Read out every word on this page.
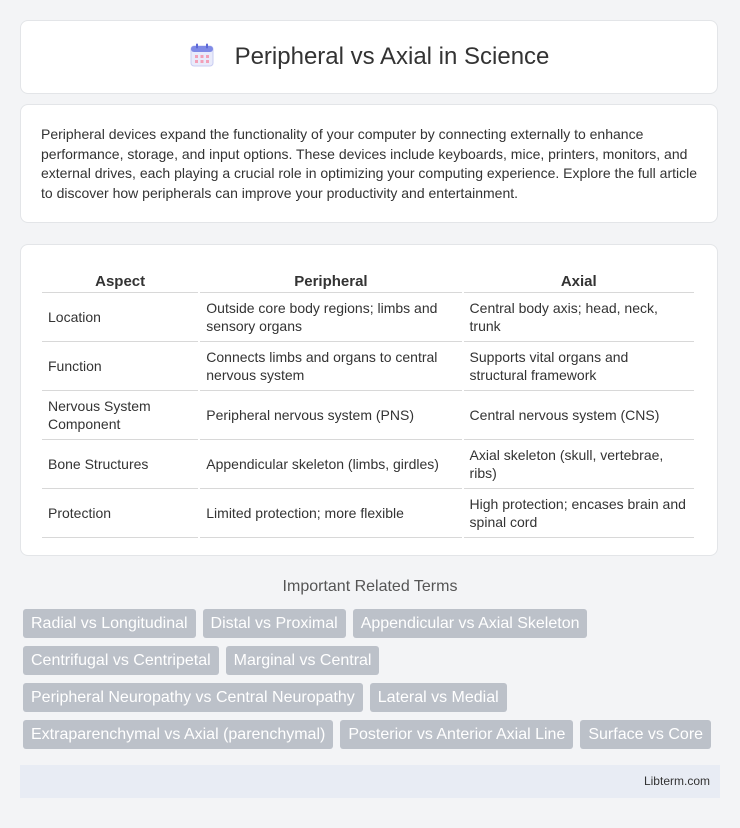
Peripheral vs Axial in Science

Peripheral devices expand the functionality of your computer by connecting externally to enhance performance, storage, and input options. These devices include keyboards, mice, printers, monitors, and external drives, each playing a crucial role in optimizing your computing experience. Explore the full article to discover how peripherals can improve your productivity and entertainment.

Aspect	Peripheral	Axial
Location	Outside core body regions; limbs and sensory organs	Central body axis; head, neck, trunk
Function	Connects limbs and organs to central nervous system	Supports vital organs and structural framework
Nervous System Component	Peripheral nervous system (PNS)	Central nervous system (CNS)
Bone Structures	Appendicular skeleton (limbs, girdles)	Axial skeleton (skull, vertebrae, ribs)
Protection	Limited protection; more flexible	High protection; encases brain and spinal cord
Important Related Terms
Radial vs Longitudinal	Distal vs Proximal	Appendicular vs Axial Skeleton
Centrifugal vs Centripetal	Marginal vs Central
Peripheral Neuropathy vs Central Neuropathy	Lateral vs Medial
Extraparenchymal vs Axial (parenchymal)	Posterior vs Anterior Axial Line	Surface vs Core
Libterm.com
